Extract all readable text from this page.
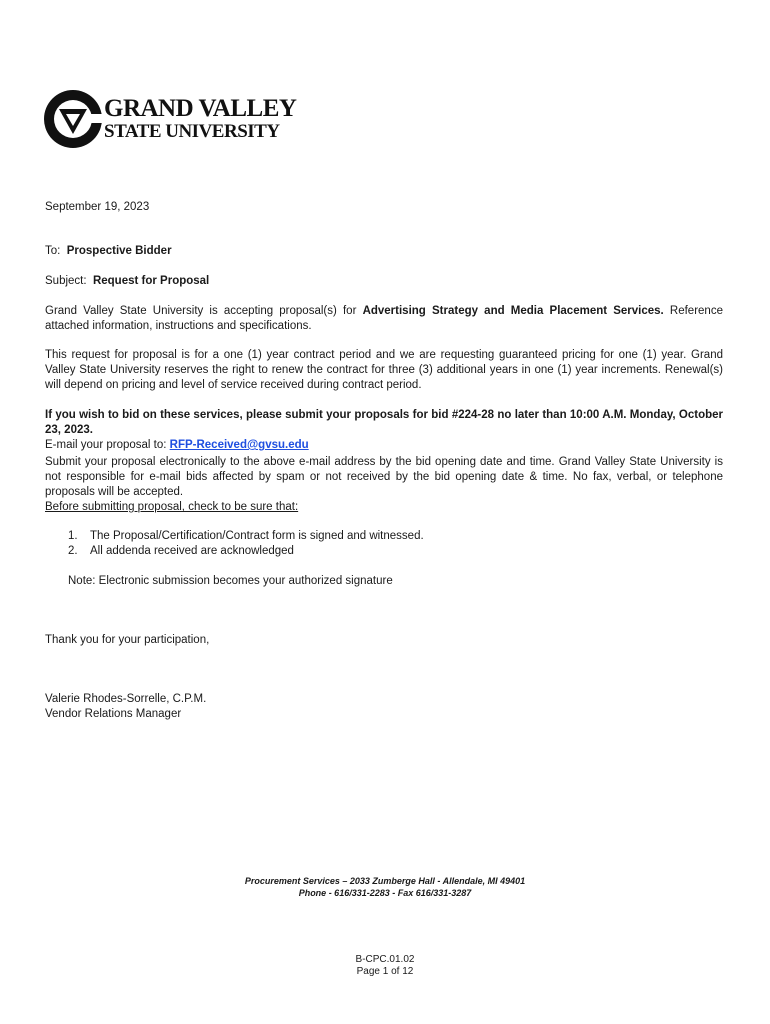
GRAND VALLEY
STATE UNIVERSITY
September 19, 2023
To: Prospective Bidder
Subject: Request for Proposal
Grand Valley State University is accepting proposal(s) for Advertising Strategy and Media Placement Services. Reference attached information, instructions and specifications.
This request for proposal is for a one (1) year contract period and we are requesting guaranteed pricing for one (1) year. Grand Valley State University reserves the right to renew the contract for three (3) additional years in one (1) year increments. Renewal(s) will depend on pricing and level of service received during contract period.
If you wish to bid on these services, please submit your proposals for bid #224-28 no later than 10:00 A.M. Monday, October 23, 2023.
E-mail your proposal to: RFP-Received@gvsu.edu
Submit your proposal electronically to the above e-mail address by the bid opening date and time. Grand Valley State University is not responsible for e-mail bids affected by spam or not received by the bid opening date & time. No fax, verbal, or telephone proposals will be accepted.
Before submitting proposal, check to be sure that:
1. The Proposal/Certification/Contract form is signed and witnessed.
2. All addenda received are acknowledged
Note: Electronic submission becomes your authorized signature
Thank you for your participation,
Valerie Rhodes-Sorrelle, C.P.M.
Vendor Relations Manager
Procurement Services – 2033 Zumberge Hall - Allendale, MI 49401
Phone - 616/331-2283 - Fax 616/331-3287
B-CPC.01.02
Page 1 of 12
